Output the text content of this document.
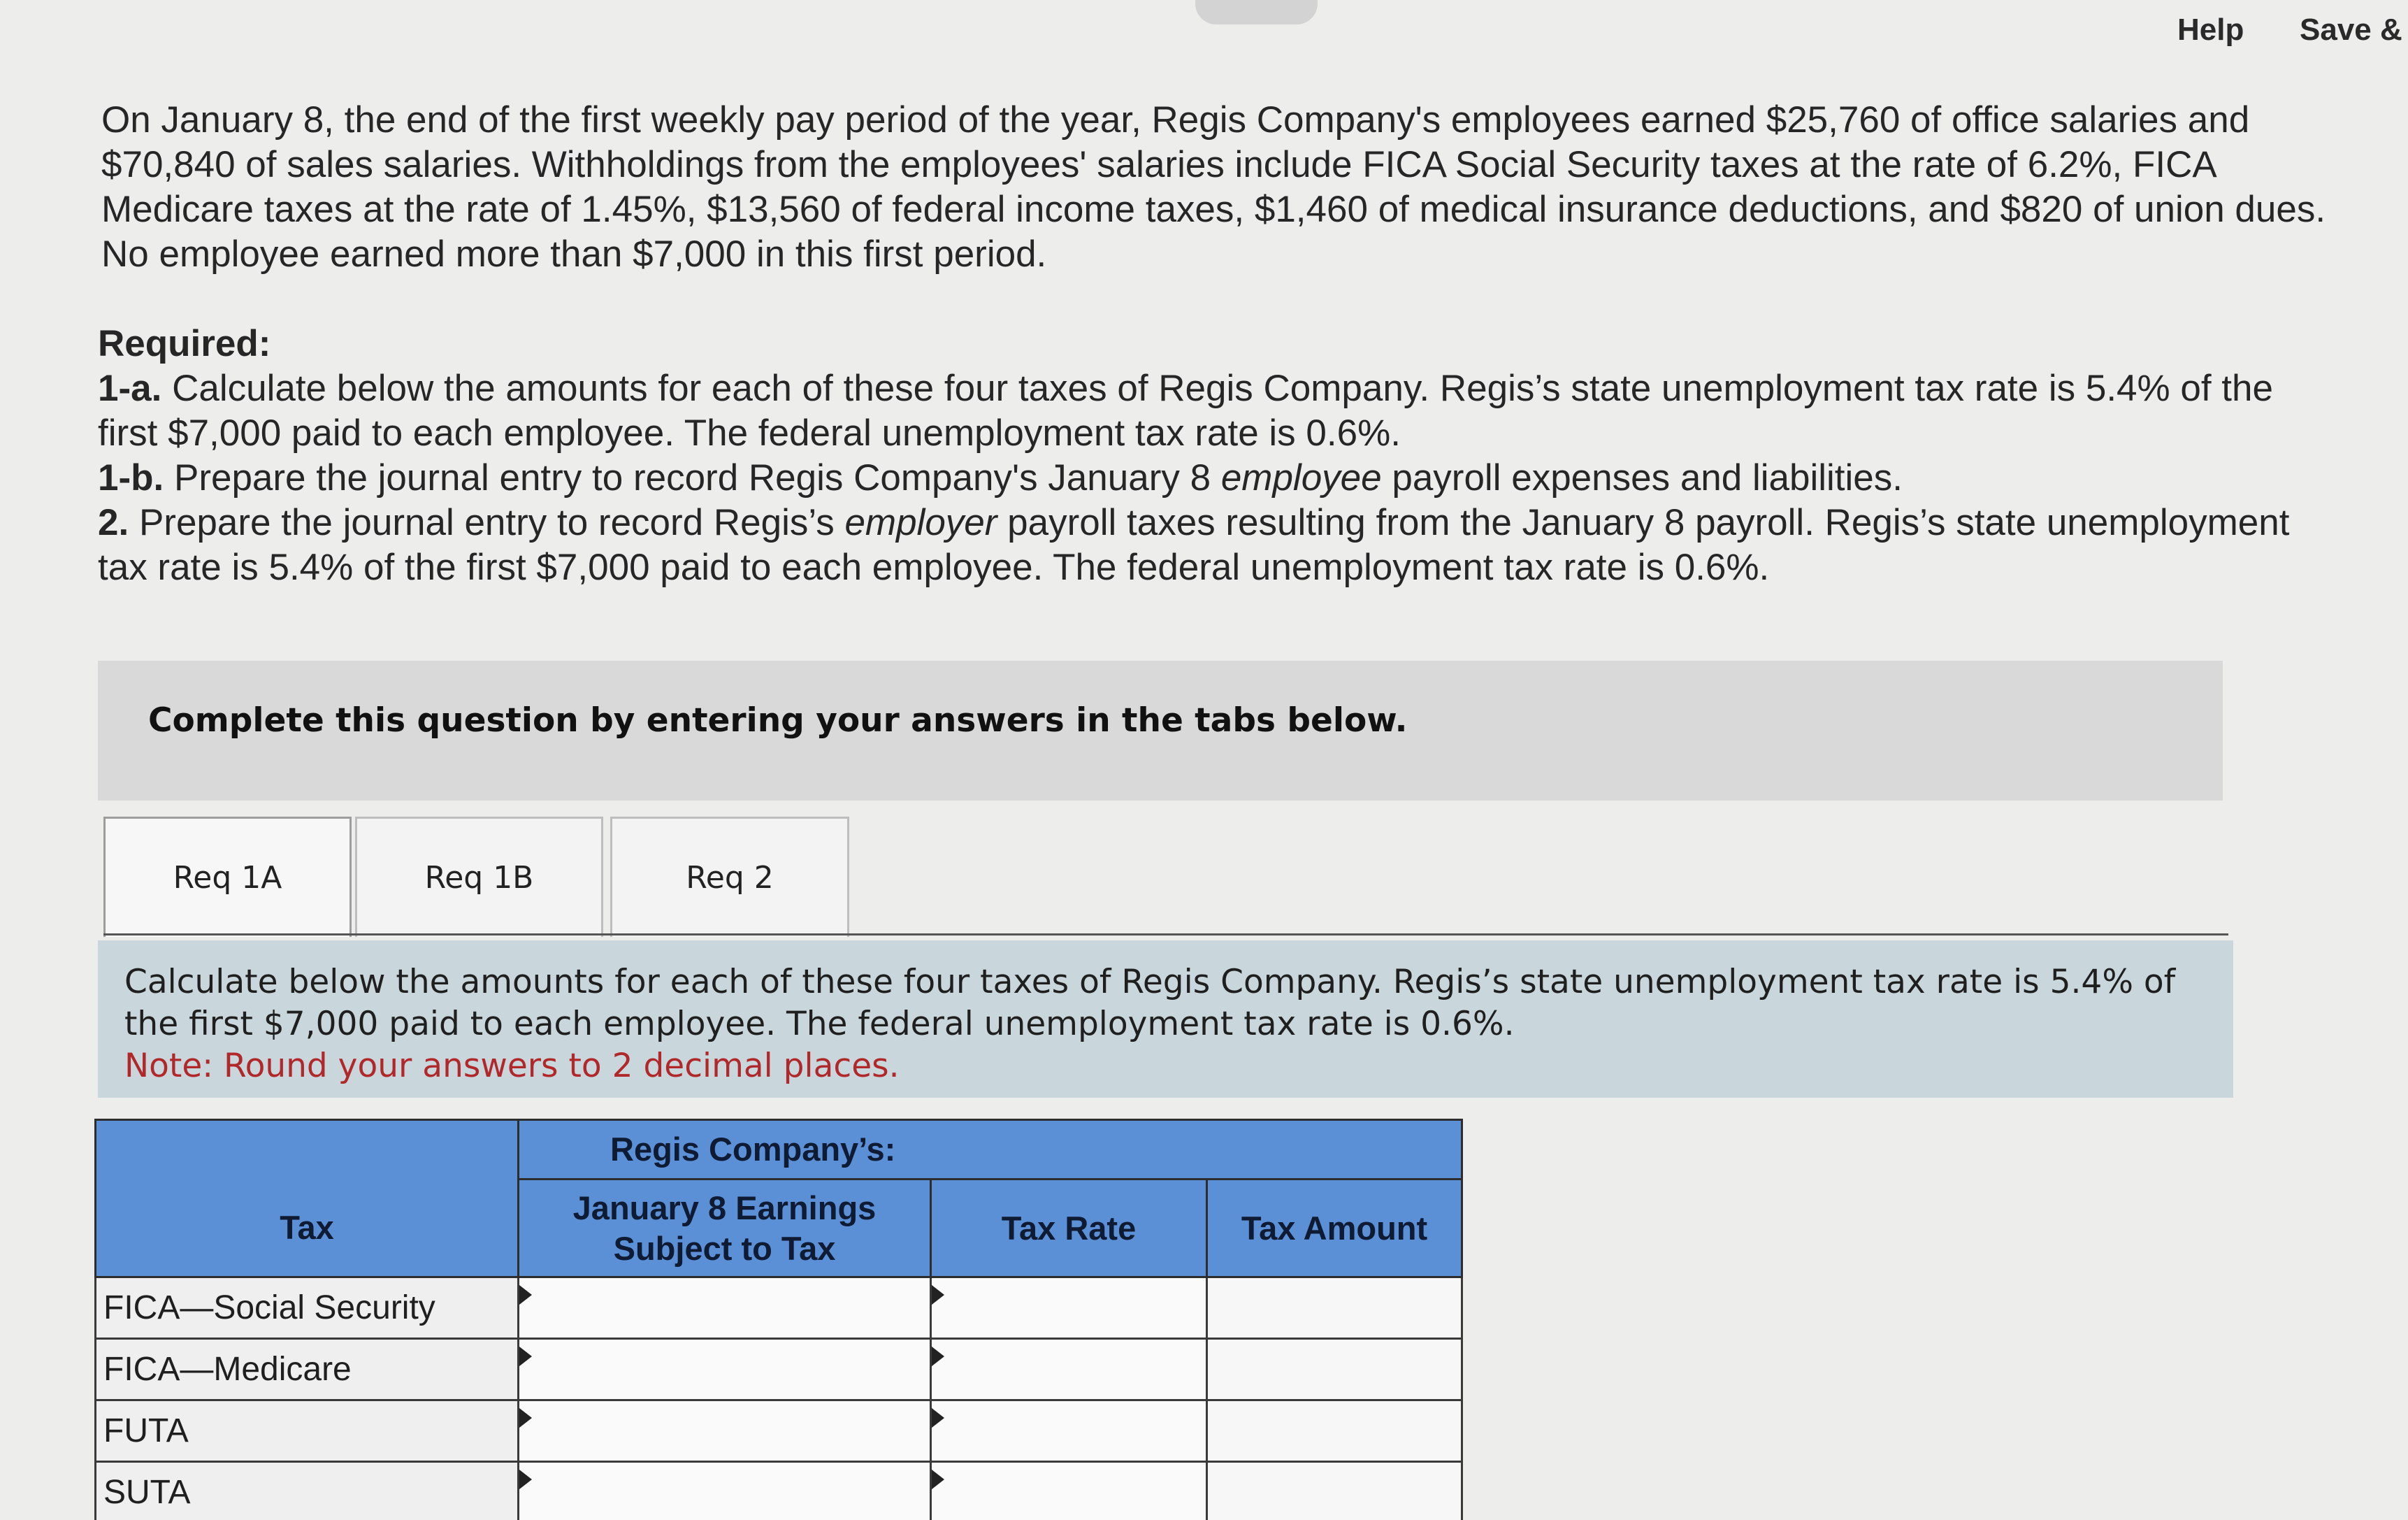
Help Save &
On January 8, the end of the first weekly pay period of the year, Regis Company's employees earned $25,760 of office salaries and
$70,840 of sales salaries. Withholdings from the employees' salaries include FICA Social Security taxes at the rate of 6.2%, FICA
Medicare taxes at the rate of 1.45%, $13,560 of federal income taxes, $1,460 of medical insurance deductions, and $820 of union dues.
No employee earned more than $7,000 in this first period.
Required:
1-a. Calculate below the amounts for each of these four taxes of Regis Company. Regis’s state unemployment tax rate is 5.4% of the
first $7,000 paid to each employee. The federal unemployment tax rate is 0.6%.
1-b. Prepare the journal entry to record Regis Company's January 8 employee payroll expenses and liabilities.
2. Prepare the journal entry to record Regis’s employer payroll taxes resulting from the January 8 payroll. Regis’s state unemployment
tax rate is 5.4% of the first $7,000 paid to each employee. The federal unemployment tax rate is 0.6%.
Complete this question by entering your answers in the tabs below.
Req 1A	Req 1B	Req 2
Calculate below the amounts for each of these four taxes of Regis Company. Regis’s state unemployment tax rate is 5.4% of
the first $7,000 paid to each employee. The federal unemployment tax rate is 0.6%.
Note: Round your answers to 2 decimal places.
	Regis Company’s:		
Tax	January 8 Earnings
Subject to Tax	Tax Rate	Tax Amount
FICA—Social Security			
FICA—Medicare			
FUTA			
SUTA			
